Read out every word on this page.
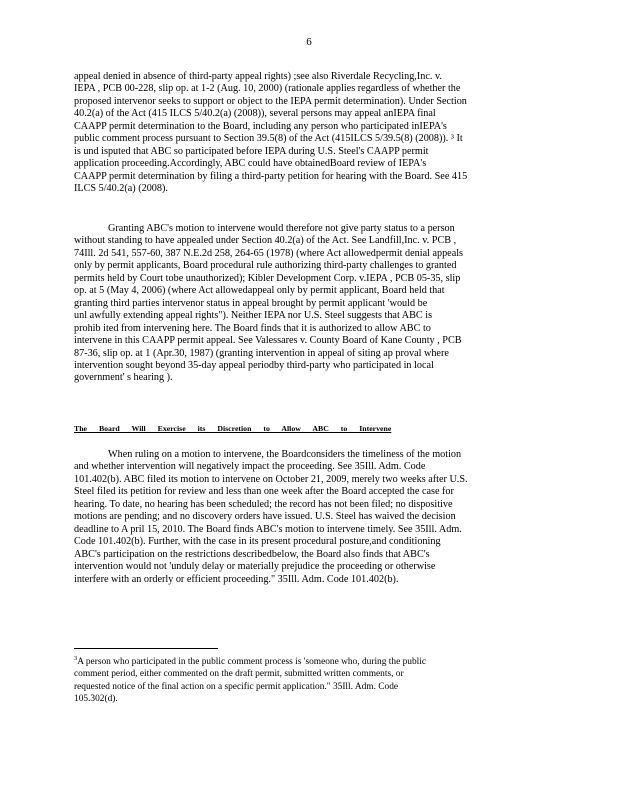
6

appeal denied in absence of third-party appeal rights) ;see also Riverdale Recycling,Inc. v.
IEPA , PCB 00-228, slip op. at 1-2 (Aug. 10, 2000) (rationale applies regardless of whether the
proposed intervenor seeks to support or object to the IEPA permit determination). Under Section
40.2(a) of the Act (415 ILCS 5/40.2(a) (2008)), several persons may appeal anIEPA final
CAAPP permit determination to the Board, including any person who participated inIEPA's
public comment process pursuant to Section 39.5(8) of the Act (415ILCS 5/39.5(8) (2008)). ³ It
is und isputed that ABC so participated before IEPA during U.S. Steel's CAAPP permit
application proceeding.Accordingly, ABC could have obtainedBoard review of IEPA's
CAAPP permit determination by filing a third-party petition for hearing with the Board. See 415
ILCS 5/40.2(a) (2008).

Granting ABC's motion to intervene would therefore not give party status to a person
without standing to have appealed under Section 40.2(a) of the Act. See Landfill,Inc. v. PCB ,
74Ill. 2d 541, 557-60, 387 N.E.2d 258, 264-65 (1978) (where Act allowedpermit denial appeals
only by permit applicants, Board procedural rule authorizing third-party challenges to granted
permits held by Court tobe unauthorized); Kibler Development Corp. v.IEPA , PCB 05-35, slip
op. at 5 (May 4, 2006) (where Act allowedappeal only by permit applicant, Board held that
granting third parties intervenor status in appeal brought by permit applicant 'would be
unl awfully extending appeal rights"). Neither IEPA nor U.S. Steel suggests that ABC is
prohib ited from intervening here. The Board finds that it is authorized to allow ABC to
intervene in this CAAPP permit appeal. See Valessares v. County Board of Kane County , PCB
87-36, slip op. at 1 (Apr.30, 1987) (granting intervention in appeal of siting ap proval where
intervention sought beyond 35-day appeal periodby third-party who participated in local
government' s hearing ).

The Board Will Exercise its Discretion to Allow ABC to Intervene

When ruling on a motion to intervene, the Boardconsiders the timeliness of the motion
and whether intervention will negatively impact the proceeding. See 35Ill. Adm. Code
101.402(b). ABC filed its motion to intervene on October 21, 2009, merely two weeks after U.S.
Steel filed its petition for review and less than one week after the Board accepted the case for
hearing. To date, no hearing has been scheduled; the record has not been filed; no dispositive
motions are pending; and no discovery orders have issued. U.S. Steel has waived the decision
deadline to A pril 15, 2010. The Board finds ABC's motion to intervene timely. See 35Ill. Adm.
Code 101.402(b). Further, with the case in its present procedural posture,and conditioning
ABC's participation on the restrictions describedbelow, the Board also finds that ABC's
intervention would not 'unduly delay or materially prejudice the proceeding or otherwise
interfere with an orderly or efficient proceeding." 35Ill. Adm. Code 101.402(b).

$^3$A person who participated in the public comment process is 'someone who, during the public
comment period, either commented on the draft permit, submitted written comments, or
requested notice of the final action on a specific permit application." 35Ill. Adm. Code
105.302(d).
